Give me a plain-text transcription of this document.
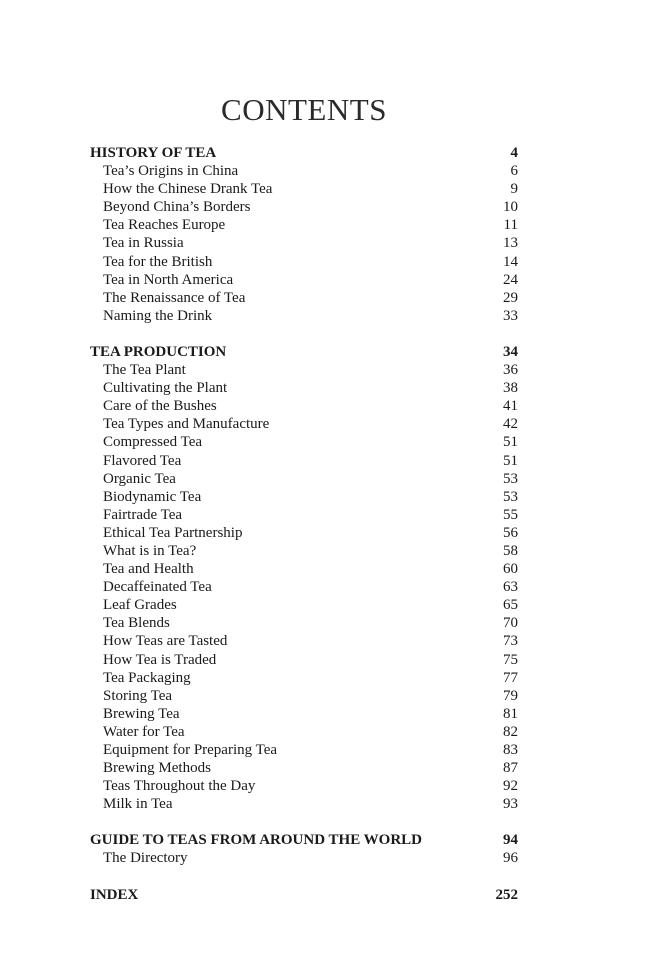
CONTENTS
HISTORY OF TEA	4
Tea’s Origins in China	6
How the Chinese Drank Tea	9
Beyond China’s Borders	10
Tea Reaches Europe	11
Tea in Russia	13
Tea for the British	14
Tea in North America	24
The Renaissance of Tea	29
Naming the Drink	33
TEA PRODUCTION	34
The Tea Plant	36
Cultivating the Plant	38
Care of the Bushes	41
Tea Types and Manufacture	42
Compressed Tea	51
Flavored Tea	51
Organic Tea	53
Biodynamic Tea	53
Fairtrade Tea	55
Ethical Tea Partnership	56
What is in Tea?	58
Tea and Health	60
Decaffeinated Tea	63
Leaf Grades	65
Tea Blends	70
How Teas are Tasted	73
How Tea is Traded	75
Tea Packaging	77
Storing Tea	79
Brewing Tea	81
Water for Tea	82
Equipment for Preparing Tea	83
Brewing Methods	87
Teas Throughout the Day	92
Milk in Tea	93
GUIDE TO TEAS FROM AROUND THE WORLD	94
The Directory	96
INDEX	252
